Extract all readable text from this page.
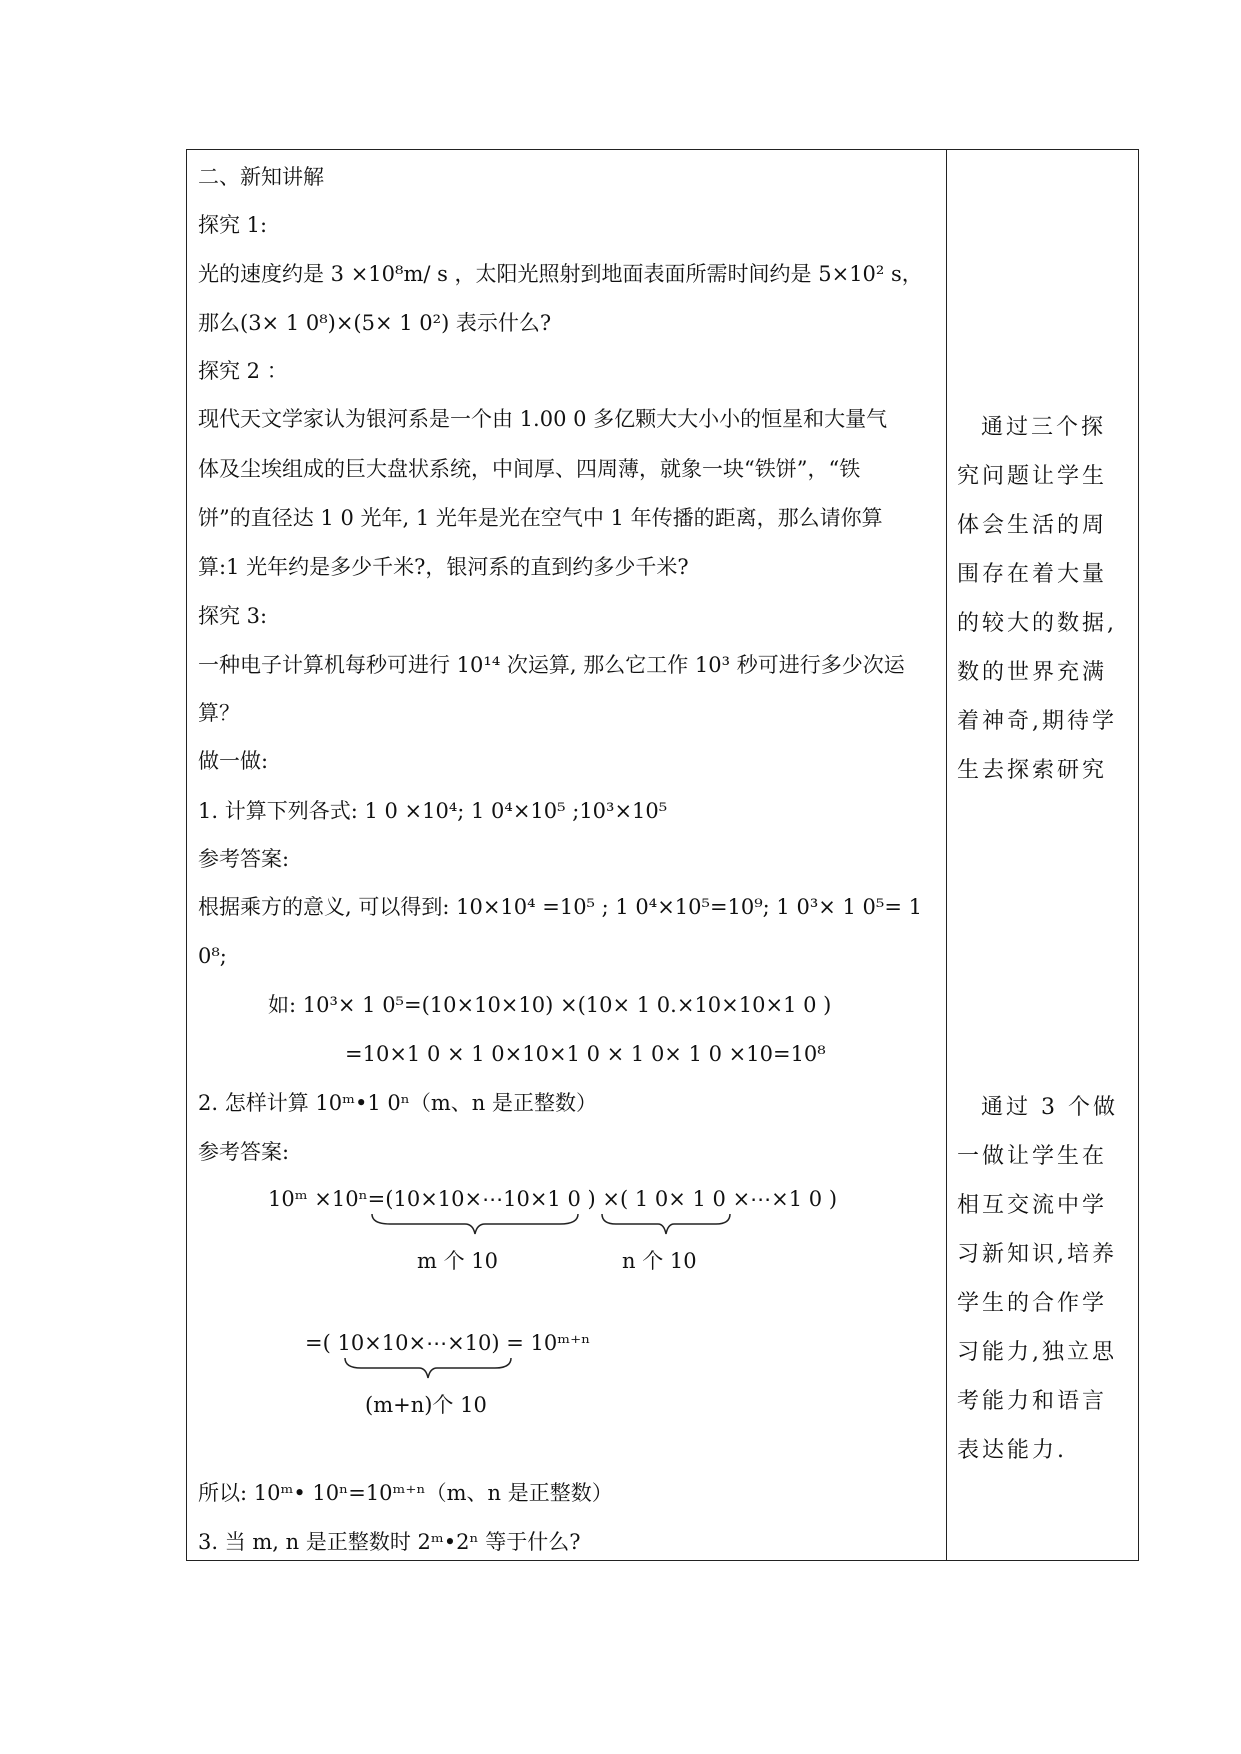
二、新知讲解
探究 1:
光的速度约是 3 ×10⁸m/ s ，太阳光照射到地面表面所需时间约是 5×10² s，
那么(3× 1 0⁸)×(5× 1 0²) 表示什么?
探究 2 ：
现代天文学家认为银河系是一个由 1.00 0 多亿颗大大小小的恒星和大量气
体及尘埃组成的巨大盘状系统，中间厚、四周薄，就象一块“铁饼”，“铁
饼”的直径达 1 0 光年, 1 光年是光在空气中 1 年传播的距离，那么请你算
算:1 光年约是多少千米?，银河系的直到约多少千米?
探究 3:
一种电子计算机每秒可进行 10¹⁴ 次运算, 那么它工作 10³ 秒可进行多少次运
算？
做一做:
1. 计算下列各式: 1 0 ×10⁴; 1 0⁴×10⁵ ;10³×10⁵
参考答案:
根据乘方的意义, 可以得到: 10×10⁴ =10⁵ ; 1 0⁴×10⁵=10⁹; 1 0³× 1 0⁵= 1
0⁸;
如: 10³× 1 0⁵=(10×10×10) ×(10× 1 0.×10×10×1 0 )
=10×1 0 × 1 0×10×1 0 × 1 0× 1 0 ×10=10⁸
2. 怎样计算 10ᵐ•1 0ⁿ（m、n 是正整数）
参考答案:
10ᵐ ×10ⁿ=(10×10×⋯10×1 0 ) ×( 1 0× 1 0 ×⋯×1 0 )
m 个 10	n 个 10
=( 10×10×⋯×10) = 10ᵐ⁺ⁿ
(m+n)个 10
所以: 10ᵐ• 10ⁿ=10ᵐ⁺ⁿ（m、n 是正整数）
3. 当 m, n 是正整数时 2ᵐ•2ⁿ 等于什么?
通过三个探究问题让学生体会生活的周围存在着大量的较大的数据,数的世界充满着神奇,期待学生去探索研究
通过 3 个做一做让学生在相互交流中学习新知识,培养学生的合作学习能力,独立思考能力和语言表达能力.
